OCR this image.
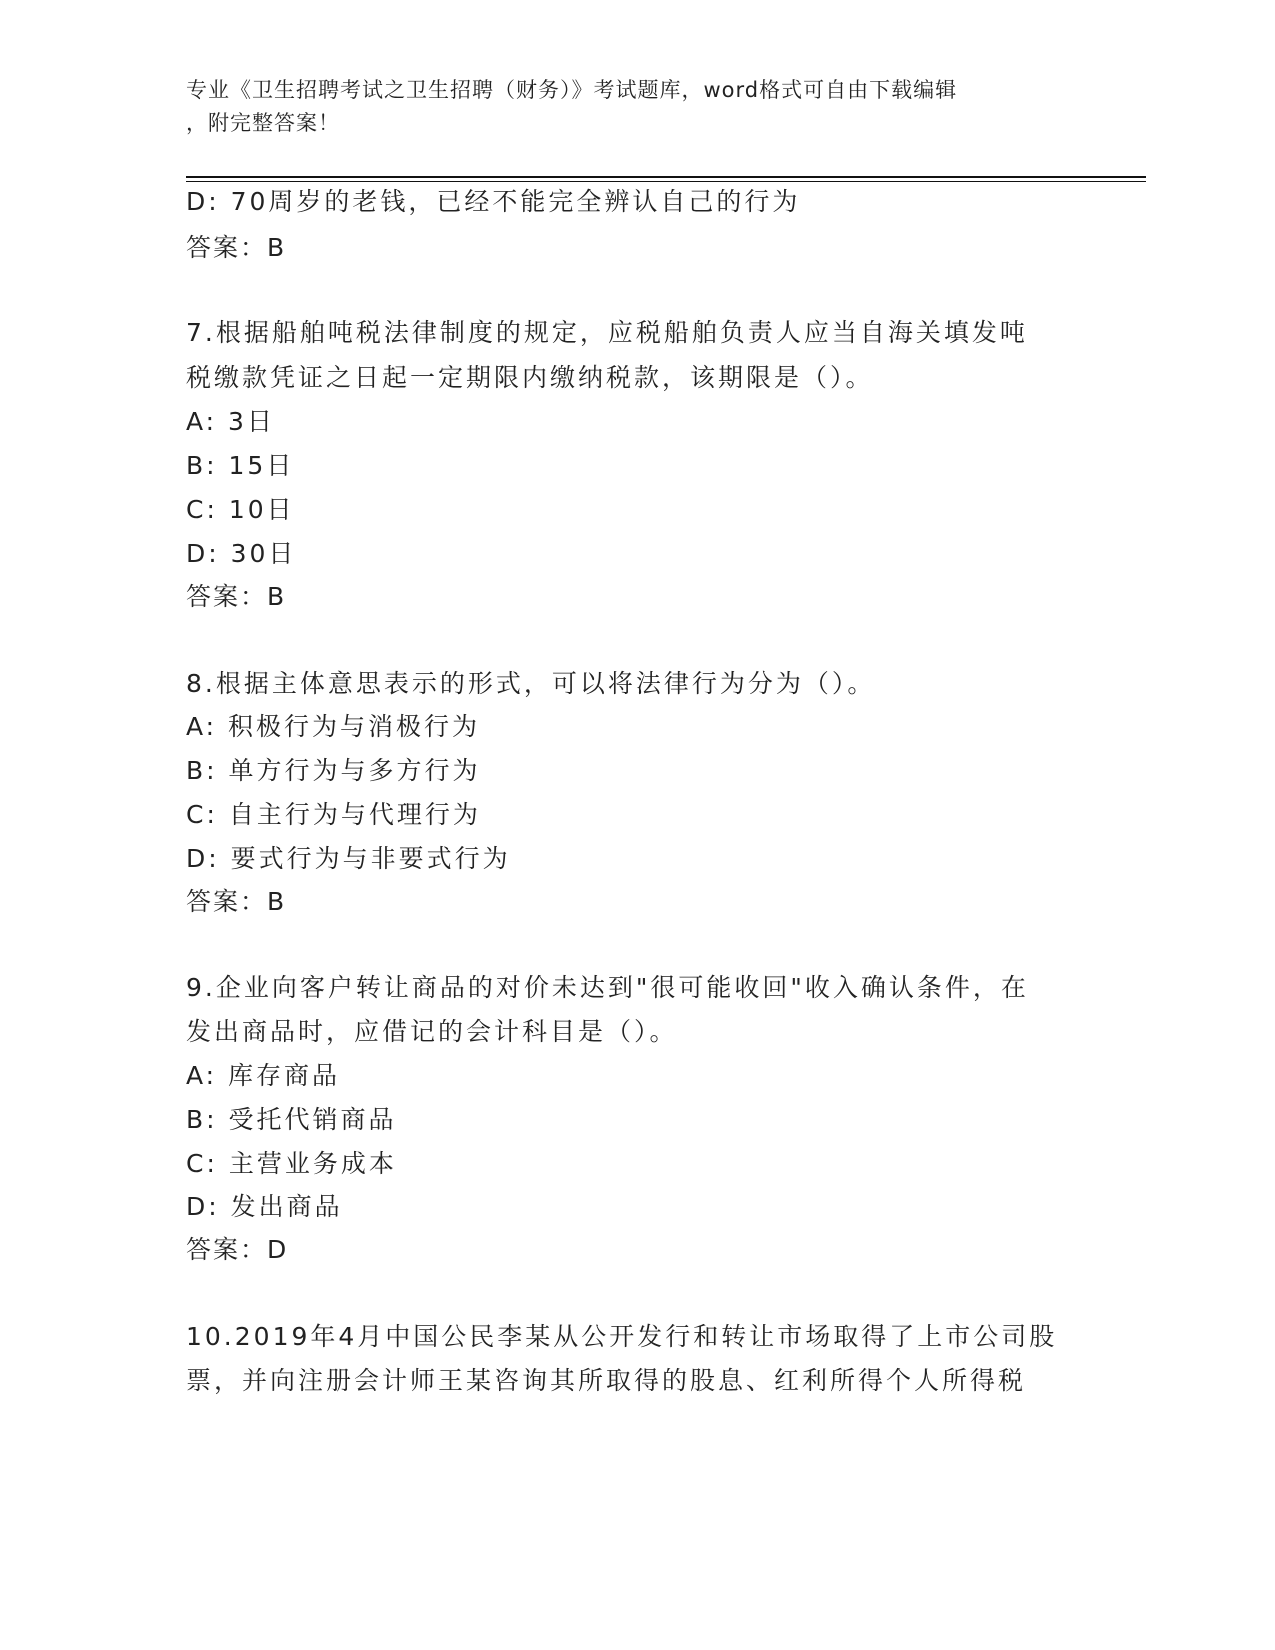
专业《卫生招聘考试之卫生招聘（财务）》考试题库，word格式可自由下载编辑
，附完整答案！
D: 70周岁的老钱，已经不能完全辨认自己的行为
答案：B
7.根据船舶吨税法律制度的规定，应税船舶负责人应当自海关填发吨
税缴款凭证之日起一定期限内缴纳税款，该期限是（）。
A: 3日
B: 15日
C: 10日
D: 30日
答案：B
8.根据主体意思表示的形式，可以将法律行为分为（）。
A: 积极行为与消极行为
B: 单方行为与多方行为
C: 自主行为与代理行为
D: 要式行为与非要式行为
答案：B
9.企业向客户转让商品的对价未达到"很可能收回"收入确认条件，在
发出商品时，应借记的会计科目是（）。
A: 库存商品
B: 受托代销商品
C: 主营业务成本
D: 发出商品
答案：D
10.2019年4月中国公民李某从公开发行和转让市场取得了上市公司股
票，并向注册会计师王某咨询其所取得的股息、红利所得个人所得税
